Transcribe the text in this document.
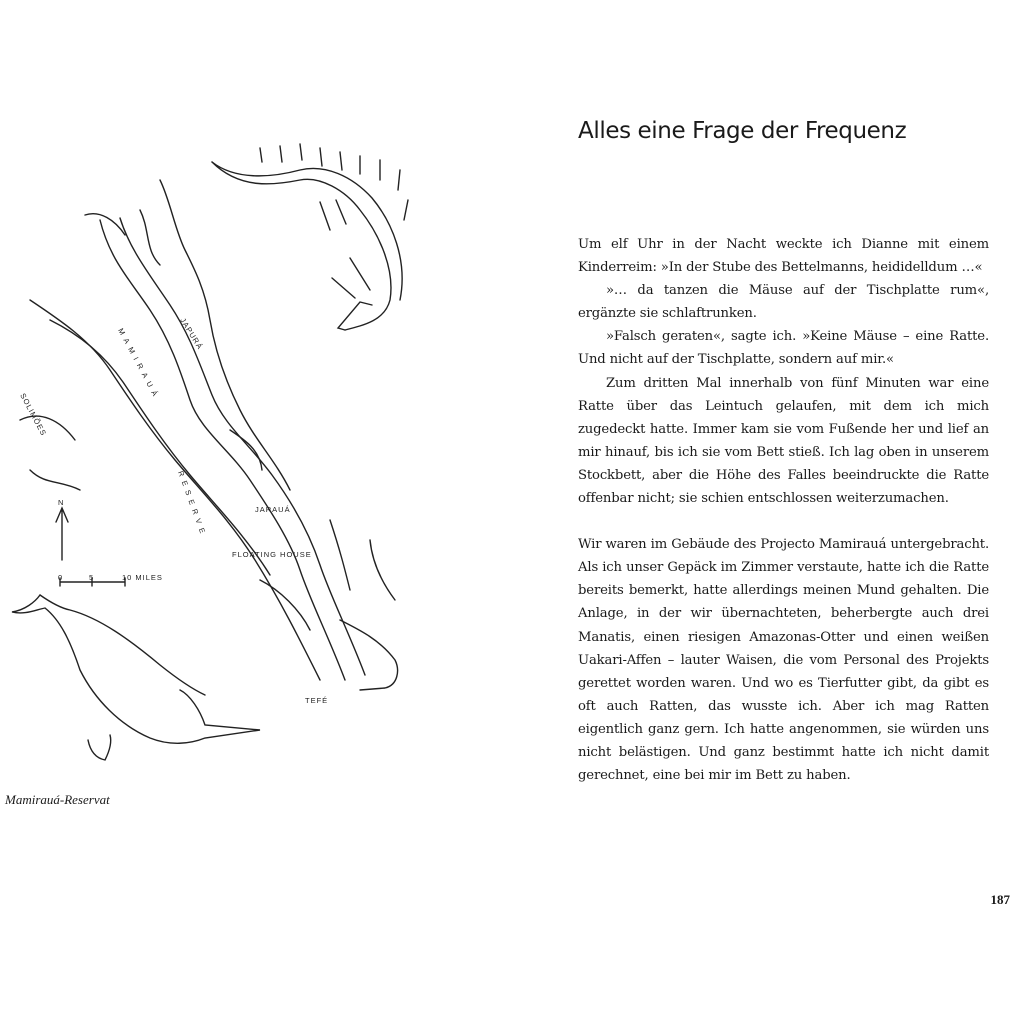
JAPURÁ
SOLIMÕES
MAMIRAUÁ
RESERVE	JARAUÁ
FLOATING HOUSE
TEFÉ
N
0	5	10 MILES
Mamirauá-Reservat
Alles eine Frage der Frequenz

Um elf Uhr in der Nacht weckte ich Dianne mit einem Kinderreim: »In der Stube des Bettelmanns, heididelldum …«

»… da tanzen die Mäuse auf der Tischplatte rum«, ergänzte sie schlaftrunken.

»Falsch geraten«, sagte ich. »Keine Mäuse – eine Ratte. Und nicht auf der Tischplatte, sondern auf mir.«

Zum dritten Mal innerhalb von fünf Minuten war eine Ratte über das Leintuch gelaufen, mit dem ich mich zugedeckt hatte. Immer kam sie vom Fußende her und lief an mir hinauf, bis ich sie vom Bett stieß. Ich lag oben in unserem Stockbett, aber die Höhe des Falles beeindruckte die Ratte offenbar nicht; sie schien entschlossen weiterzumachen.

Wir waren im Gebäude des Projecto Mamirauá untergebracht. Als ich unser Gepäck im Zimmer verstaute, hatte ich die Ratte bereits bemerkt, hatte allerdings meinen Mund gehalten. Die Anlage, in der wir übernachteten, beherbergte auch drei Manatis, einen riesigen Amazonas-Otter und einen weißen Uakari-Affen – lauter Waisen, die vom Personal des Projekts gerettet worden waren. Und wo es Tierfutter gibt, da gibt es oft auch Ratten, das wusste ich. Aber ich mag Ratten eigentlich ganz gern. Ich hatte angenommen, sie würden uns nicht belästigen. Und ganz bestimmt hatte ich nicht damit gerechnet, eine bei mir im Bett zu haben.

187
